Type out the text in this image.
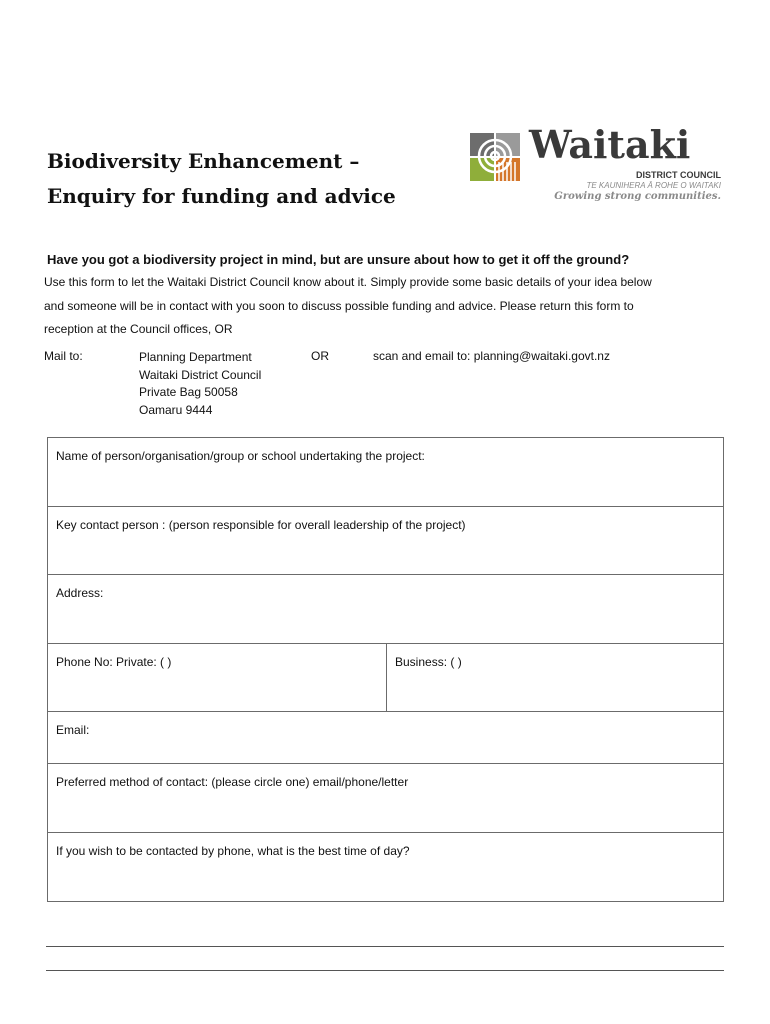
Biodiversity Enhancement –
Enquiry for funding and advice
Waitaki
DISTRICT COUNCIL
TE KAUNIHERA Ā ROHE O WAITAKI
Growing strong communities.
Have you got a biodiversity project in mind, but are unsure about how to get it off the ground?
Use this form to let the Waitaki District Council know about it. Simply provide some basic details of your idea below
and someone will be in contact with you soon to discuss possible funding and advice. Please return this form to
reception at the Council offices, OR
Mail to:	Planning Department
Waitaki District Council
Private Bag 50058
Oamaru 9444
OR	scan and email to: planning@waitaki.govt.nz
Name of person/organisation/group or school undertaking the project:
Key contact person : (person responsible for overall leadership of the project)
Address:
Phone No: Private: ( )	Business: ( )
Email:
Preferred method of contact: (please circle one) email/phone/letter
If you wish to be contacted by phone, what is the best time of day?
